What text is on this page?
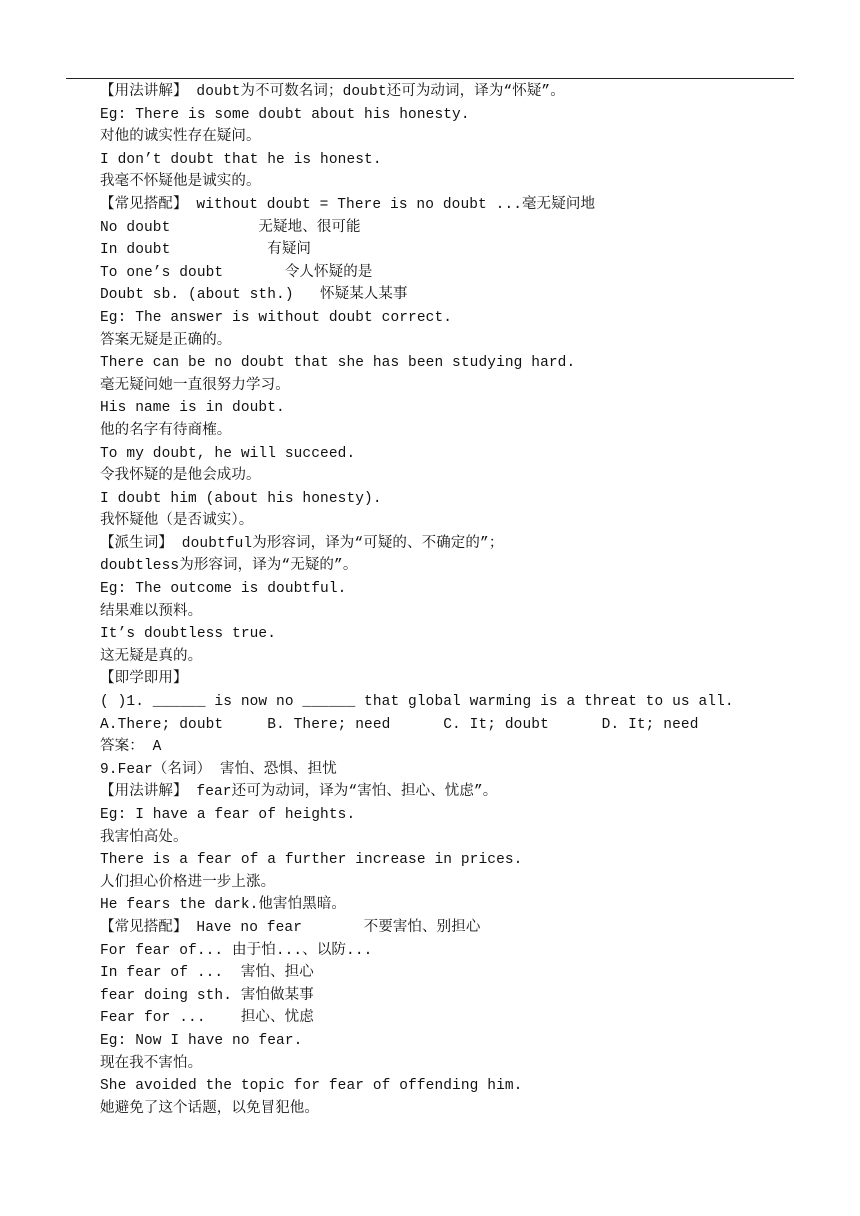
【用法讲解】 doubt为不可数名词；doubt还可为动词，译为“怀疑”。
Eg: There is some doubt about his honesty.
对他的诚实性存在疑问。
I don’t doubt that he is honest.
我毫不怀疑他是诚实的。
【常见搭配】 without doubt = There is no doubt ...毫无疑问地
No doubt          无疑地、很可能
In doubt           有疑问
To one’s doubt       令人怀疑的是
Doubt sb. (about sth.)   怀疑某人某事
Eg: The answer is without doubt correct.
答案无疑是正确的。
There can be no doubt that she has been studying hard.
毫无疑问她一直很努力学习。
His name is in doubt.
他的名字有待商榷。
To my doubt, he will succeed.
令我怀疑的是他会成功。
I doubt him (about his honesty).
我怀疑他（是否诚实）。
【派生词】 doubtful为形容词，译为“可疑的、不确定的”；
doubtless为形容词，译为“无疑的”。
Eg: The outcome is doubtful.
结果难以预料。
It’s doubtless true.
这无疑是真的。
【即学即用】
( )1. ______ is now no ______ that global warming is a threat to us all.
A.There; doubt     B. There; need      C. It; doubt      D. It; need
答案： A
9.Fear（名词） 害怕、恐惧、担忧
【用法讲解】 fear还可为动词，译为“害怕、担心、忧虑”。
Eg: I have a fear of heights.
我害怕高处。
There is a fear of a further increase in prices.
人们担心价格进一步上涨。
He fears the dark.他害怕黑暗。
【常见搭配】 Have no fear       不要害怕、别担心
For fear of... 由于怕...、以防...
In fear of ...  害怕、担心
fear doing sth. 害怕做某事
Fear for ...    担心、忧虑
Eg: Now I have no fear.
现在我不害怕。
She avoided the topic for fear of offending him.
她避免了这个话题，以免冒犯他。
